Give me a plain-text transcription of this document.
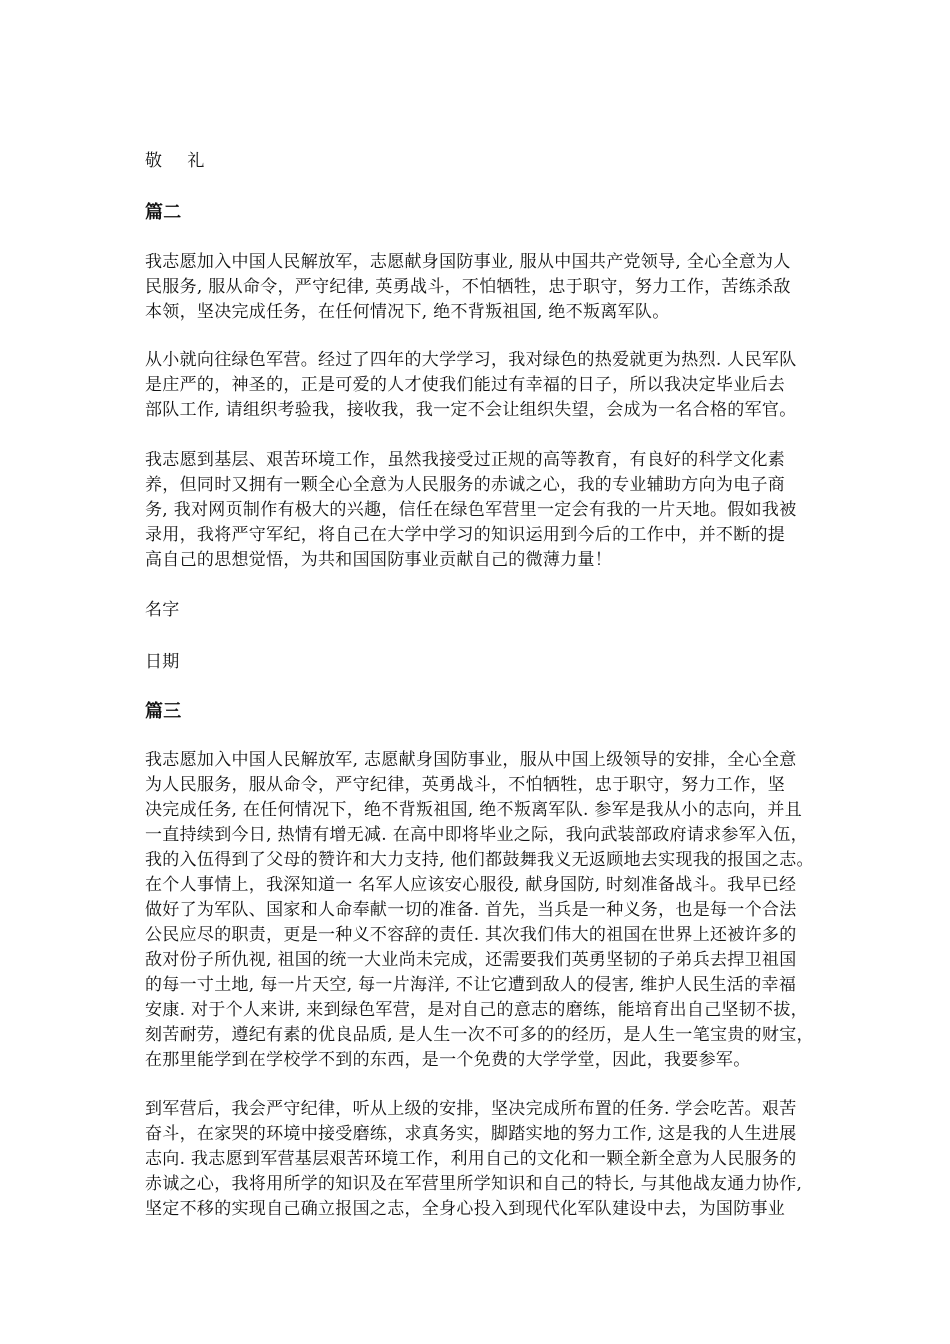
敬 礼
篇二
我志愿加入中国人民解放军，志愿献身国防事业, 服从中国共产党领导, 全心全意为人
民服务, 服从命令，严守纪律, 英勇战斗，不怕牺牲，忠于职守，努力工作，苦练杀敌
本领，坚决完成任务，在任何情况下, 绝不背叛祖国, 绝不叛离军队。
从小就向往绿色军营。经过了四年的大学学习，我对绿色的热爱就更为热烈. 人民军队
是庄严的，神圣的，正是可爱的人才使我们能过有幸福的日子，所以我决定毕业后去
部队工作, 请组织考验我，接收我，我一定不会让组织失望，会成为一名合格的军官。
我志愿到基层、艰苦环境工作，虽然我接受过正规的高等教育，有良好的科学文化素
养，但同时又拥有一颗全心全意为人民服务的赤诚之心，我的专业辅助方向为电子商
务, 我对网页制作有极大的兴趣，信任在绿色军营里一定会有我的一片天地。假如我被
录用，我将严守军纪，将自己在大学中学习的知识运用到今后的工作中，并不断的提
高自己的思想觉悟，为共和国国防事业贡献自己的微薄力量！
名字
日期
篇三
我志愿加入中国人民解放军, 志愿献身国防事业，服从中国上级领导的安排，全心全意
为人民服务，服从命令，严守纪律，英勇战斗，不怕牺牲，忠于职守，努力工作，坚
决完成任务, 在任何情况下，绝不背叛祖国, 绝不叛离军队. 参军是我从小的志向，并且
一直持续到今日, 热情有增无减. 在高中即将毕业之际，我向武装部政府请求参军入伍，
我的入伍得到了父母的赞许和大力支持, 他们都鼓舞我义无返顾地去实现我的报国之志。
在个人事情上，我深知道一 名军人应该安心服役, 献身国防, 时刻准备战斗。我早已经
做好了为军队、国家和人命奉献一切的准备. 首先，当兵是一种义务，也是每一个合法
公民应尽的职责，更是一种义不容辞的责任. 其次我们伟大的祖国在世界上还被许多的
敌对份子所仇视, 祖国的统一大业尚未完成，还需要我们英勇坚韧的子弟兵去捍卫祖国
的每一寸土地, 每一片天空, 每一片海洋, 不让它遭到敌人的侵害, 维护人民生活的幸福
安康. 对于个人来讲, 来到绿色军营，是对自己的意志的磨练，能培育出自己坚韧不拔，
刻苦耐劳，遵纪有素的优良品质, 是人生一次不可多的的经历，是人生一笔宝贵的财宝，
在那里能学到在学校学不到的东西，是一个免费的大学学堂，因此，我要参军。
到军营后，我会严守纪律，听从上级的安排，坚决完成所布置的任务. 学会吃苦。艰苦
奋斗，在家哭的环境中接受磨练，求真务实，脚踏实地的努力工作, 这是我的人生进展
志向. 我志愿到军营基层艰苦环境工作，利用自己的文化和一颗全新全意为人民服务的
赤诚之心，我将用所学的知识及在军营里所学知识和自己的特长, 与其他战友通力协作,
坚定不移的实现自己确立报国之志，全身心投入到现代化军队建设中去，为国防事业
